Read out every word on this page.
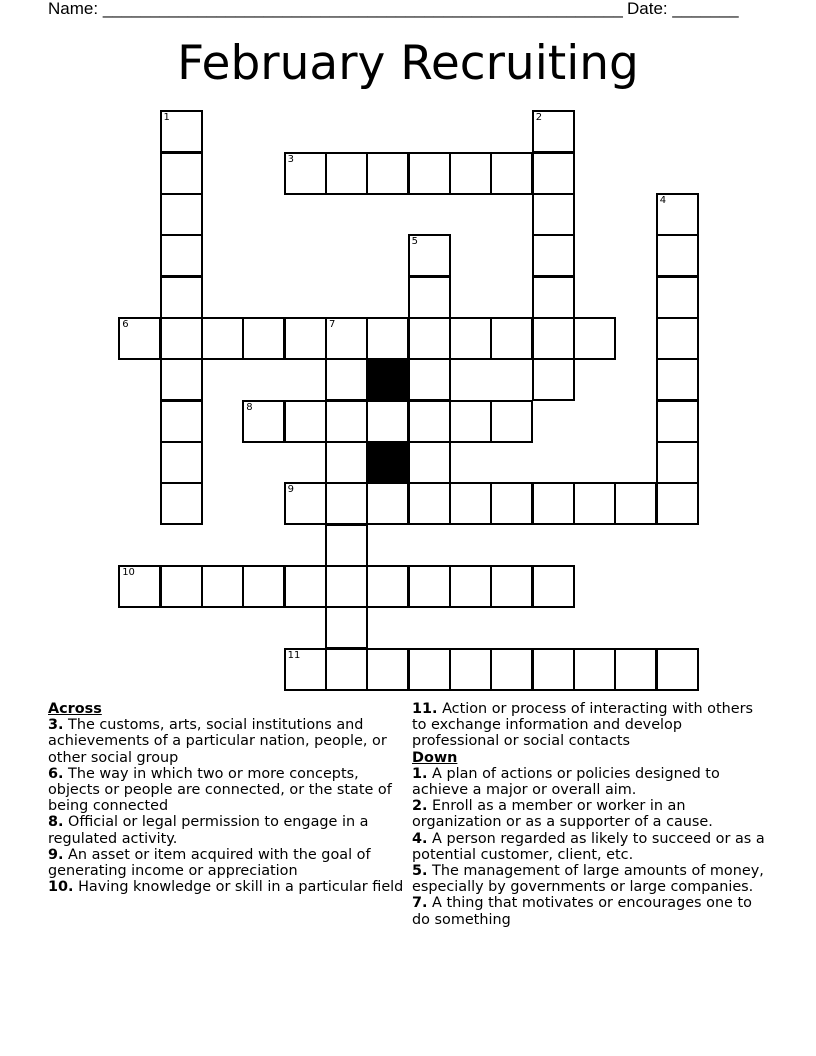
Name: _______________________________________________________ Date: _______
February Recruiting
1	2
3
4
5
6	7
8
9
10
11
Across
3. The customs, arts, social institutions and achievements of a particular nation, people, or other social group
6. The way in which two or more concepts, objects or people are connected, or the state of being connected
8. Official or legal permission to engage in a regulated activity.
9. An asset or item acquired with the goal of generating income or appreciation
10. Having knowledge or skill in a particular field
11. Action or process of interacting with others to exchange information and develop professional or social contacts
Down
1. A plan of actions or policies designed to achieve a major or overall aim.
2. Enroll as a member or worker in an organization or as a supporter of a cause.
4. A person regarded as likely to succeed or as a potential customer, client, etc.
5. The management of large amounts of money, especially by governments or large companies.
7. A thing that motivates or encourages one to do something
